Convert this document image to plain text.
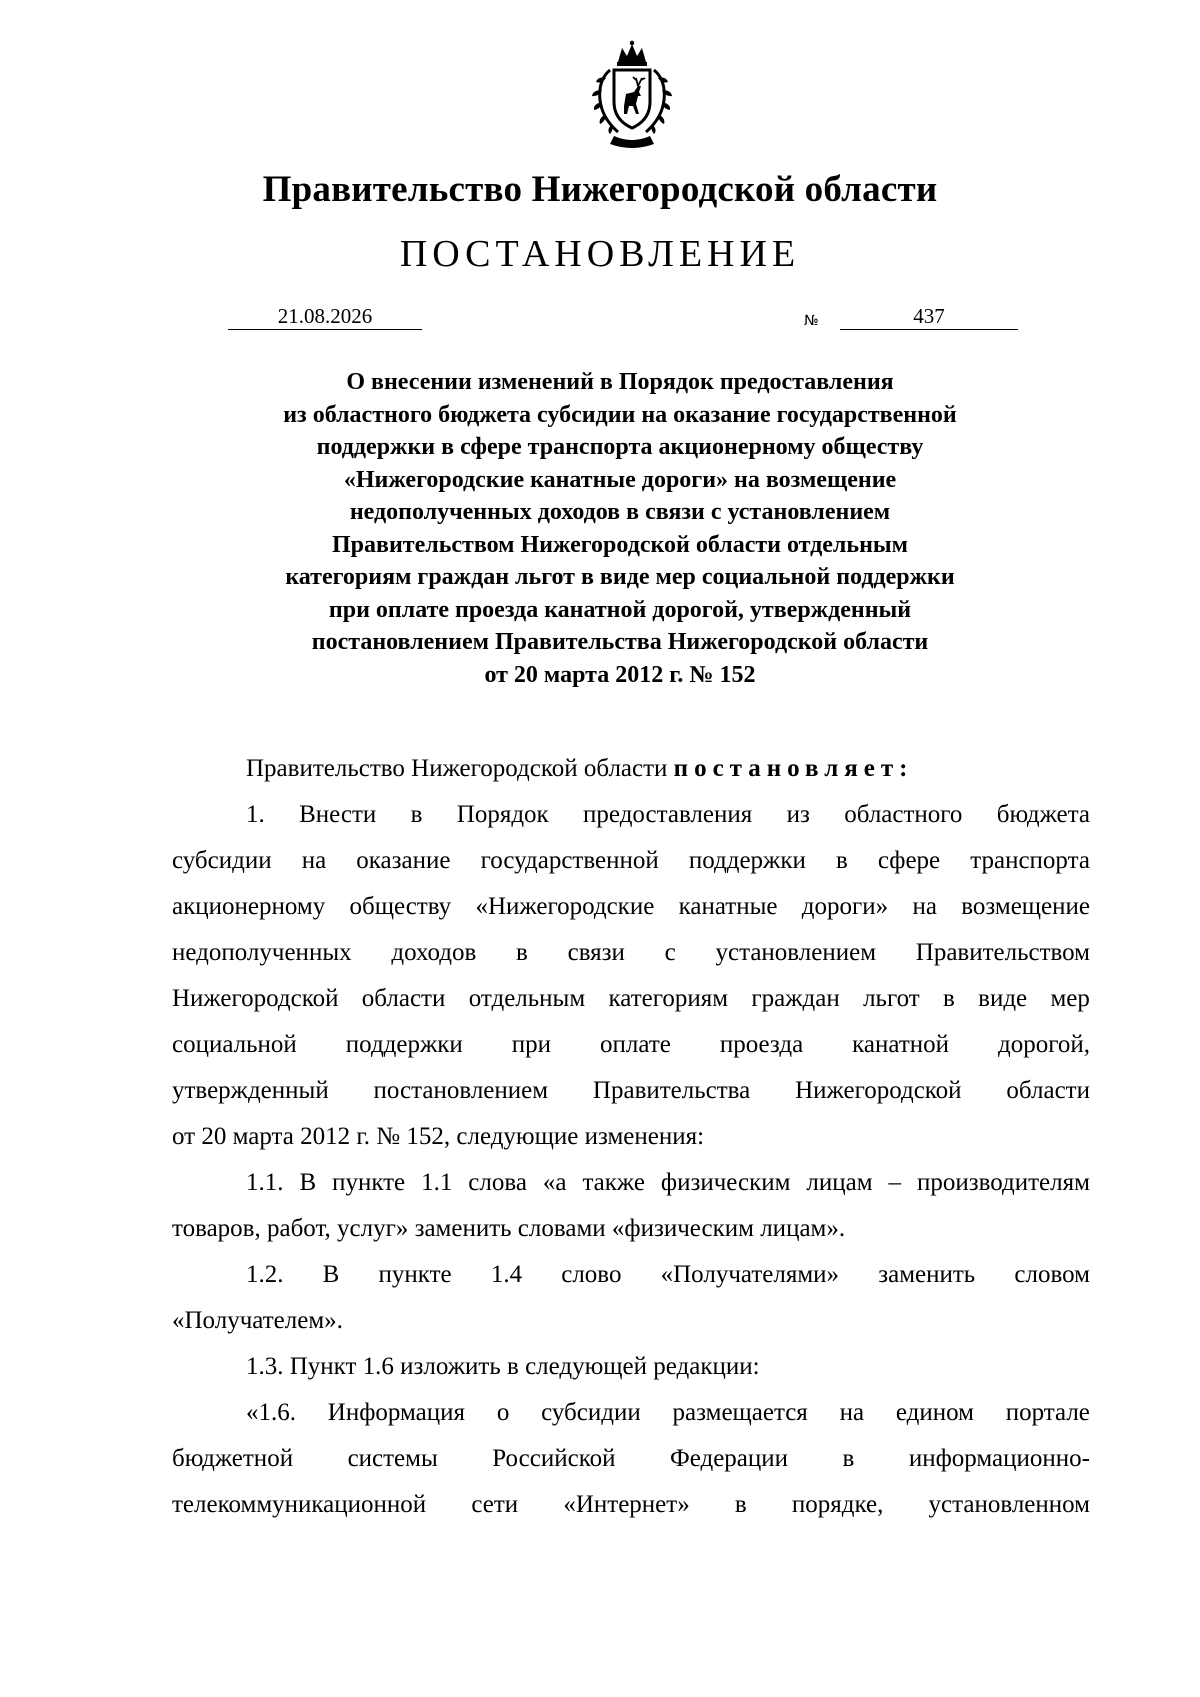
Правительство Нижегородской области
ПОСТАНОВЛЕНИЕ
21.08.2026	№	437
О внесении изменений в Порядок предоставления
из областного бюджета субсидии на оказание государственной
поддержки в сфере транспорта акционерному обществу
«Нижегородские канатные дороги» на возмещение
недополученных доходов в связи с установлением
Правительством Нижегородской области отдельным
категориям граждан льгот в виде мер социальной поддержки
при оплате проезда канатной дорогой, утвержденный
постановлением Правительства Нижегородской области
от 20 марта 2012 г. № 152
Правительство Нижегородской области постановляет:
1. Внести в Порядок предоставления из областного бюджета
субсидии на оказание государственной поддержки в сфере транспорта
акционерному обществу «Нижегородские канатные дороги» на возмещение
недополученных доходов в связи с установлением Правительством
Нижегородской области отдельным категориям граждан льгот в виде мер
социальной поддержки при оплате проезда канатной дорогой,
утвержденный постановлением Правительства Нижегородской области
от 20 марта 2012 г. № 152, следующие изменения:
1.1. В пункте 1.1 слова «а также физическим лицам – производителям
товаров, работ, услуг» заменить словами «физическим лицам».
1.2. В пункте 1.4 слово «Получателями» заменить словом
«Получателем».
1.3. Пункт 1.6 изложить в следующей редакции:
«1.6. Информация о субсидии размещается на едином портале
бюджетной системы Российской Федерации в информационно-
телекоммуникационной сети «Интернет» в порядке, установленном
